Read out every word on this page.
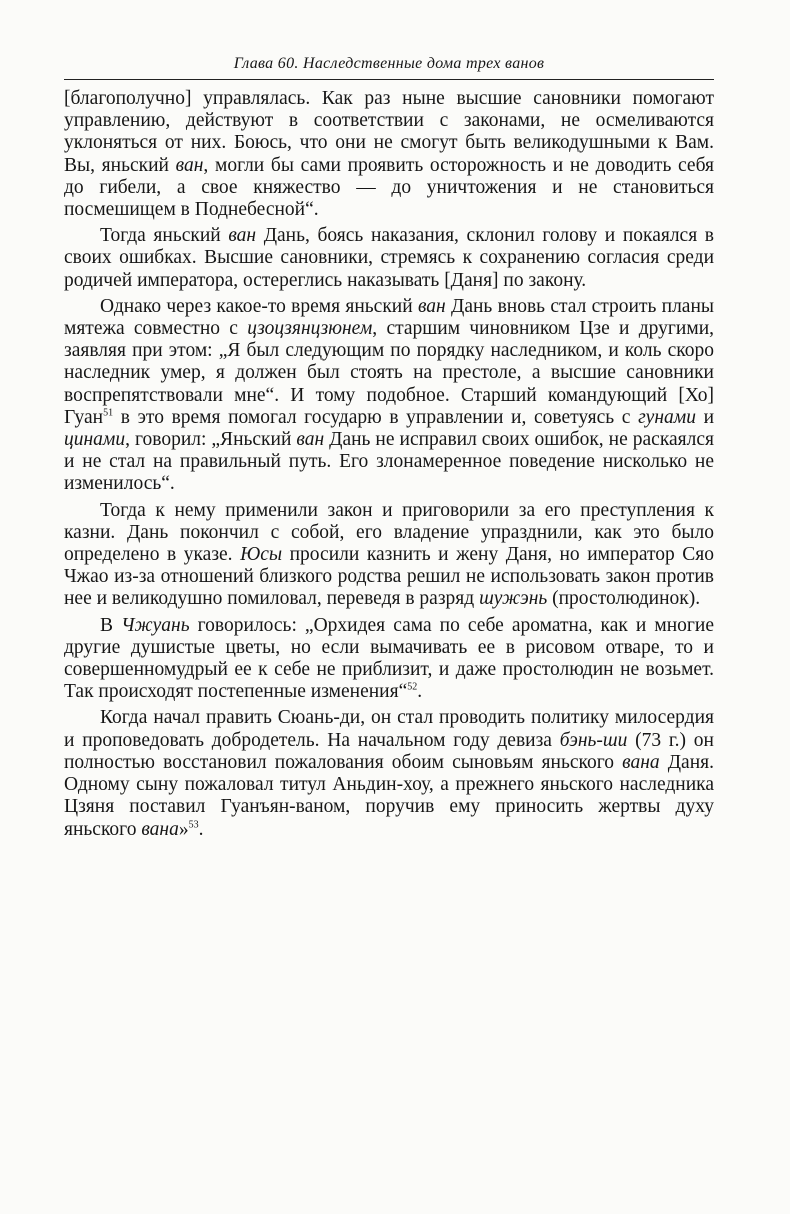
Глава 60. Наследственные дома трех ванов

[благополучно] управлялась. Как раз ныне высшие сановники помогают управлению, действуют в соответствии с законами, не осмеливаются уклоняться от них. Боюсь, что они не смогут быть великодушными к Вам. Вы, яньский ван, могли бы сами проявить осторожность и не доводить себя до гибели, а свое княжество — до уничтожения и не становиться посмешищем в Поднебесной“.

Тогда яньский ван Дань, боясь наказания, склонил голову и покаялся в своих ошибках. Высшие сановники, стремясь к сохранению согласия среди родичей императора, остереглись наказывать [Даня] по закону.

Однако через какое-то время яньский ван Дань вновь стал строить планы мятежа совместно с цзоцзянцзюнем, старшим чиновником Цзе и другими, заявляя при этом: „Я был следующим по порядку наследником, и коль скоро наследник умер, я должен был стоять на престоле, а высшие сановники воспрепятствовали мне“. И тому подобное. Старший командующий [Хо] Гуан$^{51}$ в это время помогал государю в управлении и, советуясь с гунами и цинами, говорил: „Яньский ван Дань не исправил своих ошибок, не раскаялся и не стал на правильный путь. Его злонамеренное поведение нисколько не изменилось“.

Тогда к нему применили закон и приговорили за его преступления к казни. Дань покончил с собой, его владение упразднили, как это было определено в указе. Юсы просили казнить и жену Даня, но император Сяо Чжао из-за отношений близкого родства решил не использовать закон против нее и великодушно помиловал, переведя в разряд шужэнь (простолюдинок).

В Чжуань говорилось: „Орхидея сама по себе ароматна, как и многие другие душистые цветы, но если вымачивать ее в рисовом отваре, то и совершенномудрый ее к себе не приблизит, и даже простолюдин не возьмет. Так происходят постепенные изменения“$^{52}$.

Когда начал править Сюань-ди, он стал проводить политику милосердия и проповедовать добродетель. На начальном году девиза бэнь-ши (73 г.) он полностью восстановил пожалования обоим сыновьям яньского вана Даня. Одному сыну пожаловал титул Аньдин-хоу, а прежнего яньского наследника Цзяня поставил Гуанъян-ваном, поручив ему приносить жертвы духу яньского вана»$^{53}$.
